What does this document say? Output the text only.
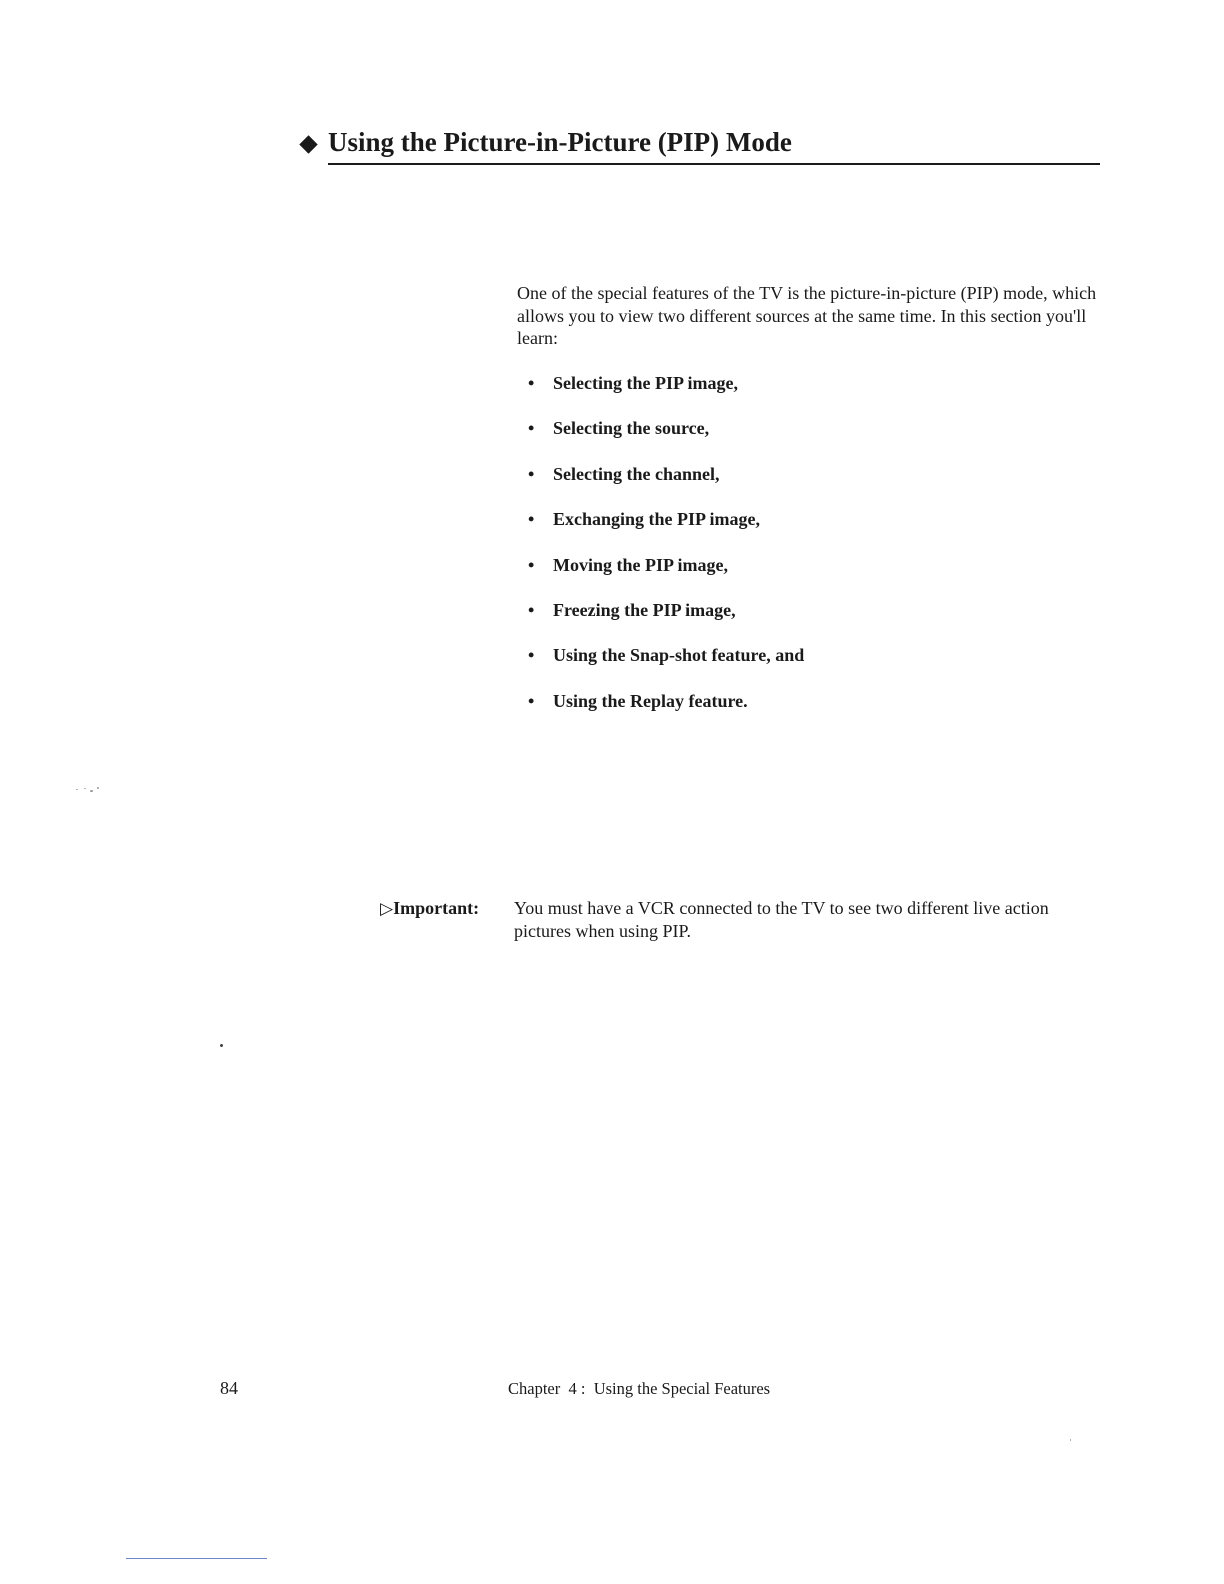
Using the Picture-in-Picture (PIP) Mode

One of the special features of the TV is the picture-in-picture (PIP) mode, which allows you to view two different sources at the same time. In this section you'll learn:

• Selecting the PIP image,
• Selecting the source,
• Selecting the channel,
• Exchanging the PIP image,
• Moving the PIP image,
• Freezing the PIP image,
• Using the Snap-shot feature, and
• Using the Replay feature.
▷Important: You must have a VCR connected to the TV to see two different live action pictures when using PIP.
84	Chapter  4 :  Using the Special Features
